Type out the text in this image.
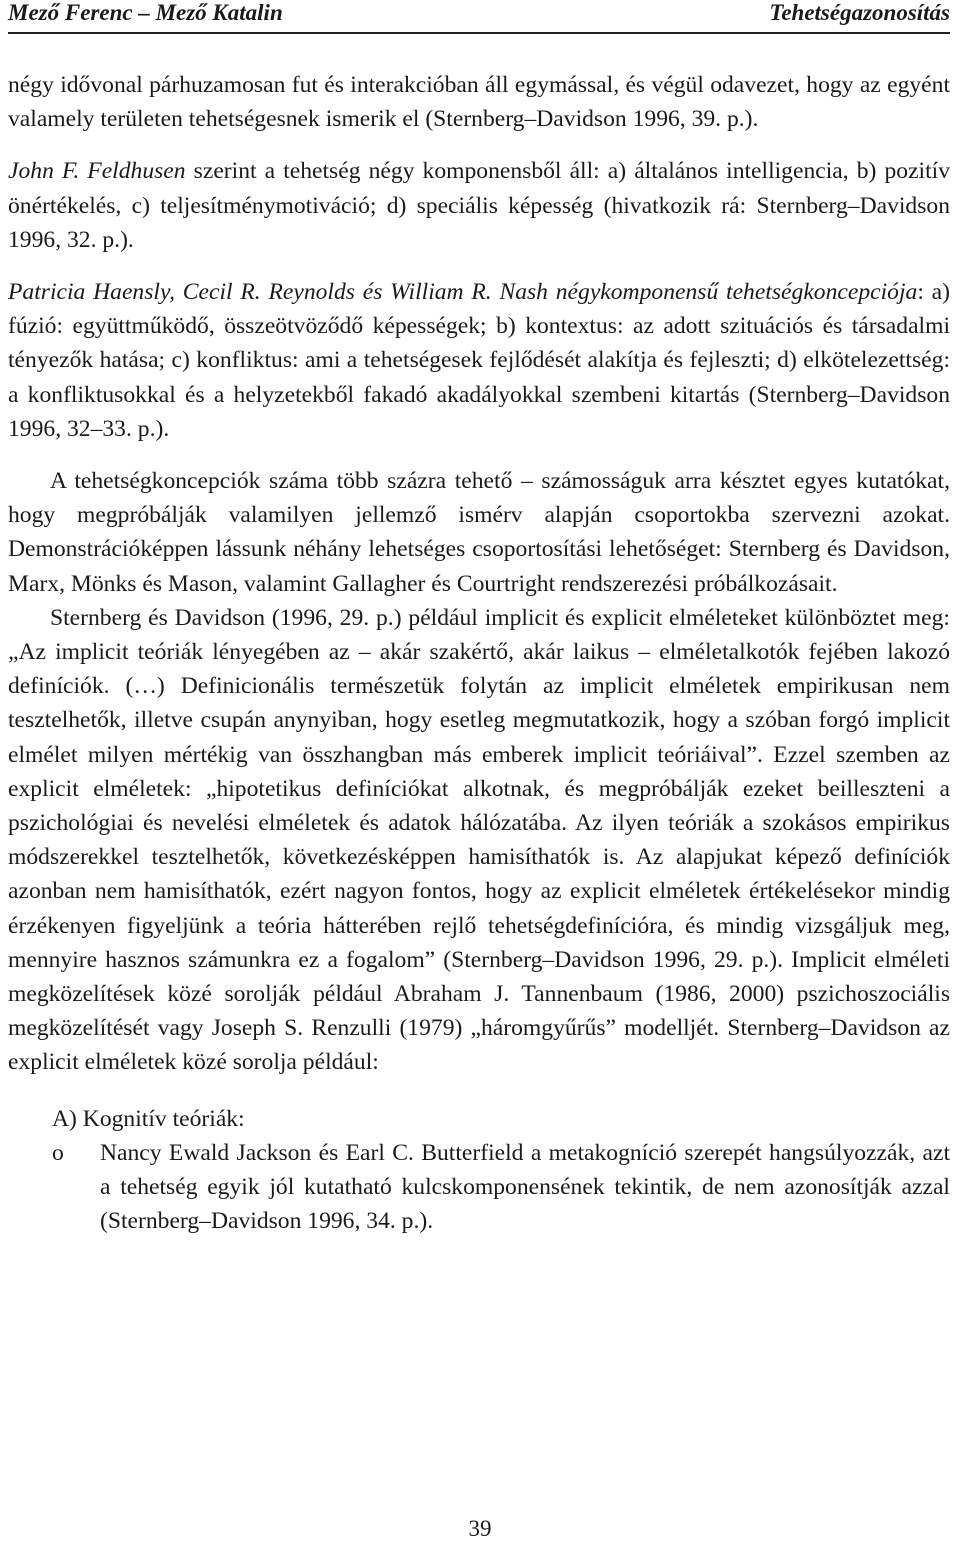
Mező Ferenc – Mező Katalin	Tehetségazonosítás

négy idővonal párhuzamosan fut és interakcióban áll egymással, és végül odavezet, hogy az egyént valamely területen tehetségesnek ismerik el (Sternberg–Davidson 1996, 39. p.).

John F. Feldhusen szerint a tehetség négy komponensből áll: a) általános intelligencia, b) pozitív önértékelés, c) teljesítménymotiváció; d) speciális képesség (hivatkozik rá: Sternberg–Davidson 1996, 32. p.).

Patricia Haensly, Cecil R. Reynolds és William R. Nash négykomponensű tehetségkoncepciója: a) fúzió: együttműködő, összeötvöződő képességek; b) kontextus: az adott szituációs és társadalmi tényezők hatása; c) konfliktus: ami a tehetségesek fejlődését alakítja és fejleszti; d) elkötelezettség: a konfliktusokkal és a helyzetekből fakadó akadályokkal szembeni kitartás (Sternberg–Davidson 1996, 32–33. p.).

A tehetségkoncepciók száma több százra tehető – számosságuk arra késztet egyes kutatókat, hogy megpróbálják valamilyen jellemző ismérv alapján csoportokba szervezni azokat. Demonstrációképpen lássunk néhány lehetséges csoportosítási lehetőséget: Sternberg és Davidson, Marx, Mönks és Mason, valamint Gallagher és Courtright rendszerezési próbálkozásait.

Sternberg és Davidson (1996, 29. p.) például implicit és explicit elméleteket különböztet meg: „Az implicit teóriák lényegében az – akár szakértő, akár laikus – elméletalkotók fejében lakozó definíciók. (…) Definicionális természetük folytán az implicit elméletek empirikusan nem tesztelhetők, illetve csupán anynyiban, hogy esetleg megmutatkozik, hogy a szóban forgó implicit elmélet milyen mértékig van összhangban más emberek implicit teóriáival”. Ezzel szemben az explicit elméletek: „hipotetikus definíciókat alkotnak, és megpróbálják ezeket beilleszteni a pszichológiai és nevelési elméletek és adatok hálózatába. Az ilyen teóriák a szokásos empirikus módszerekkel tesztelhetők, következésképpen hamisíthatók is. Az alapjukat képező definíciók azonban nem hamisíthatók, ezért nagyon fontos, hogy az explicit elméletek értékelésekor mindig érzékenyen figyeljünk a teória hátterében rejlő tehetségdefinícióra, és mindig vizsgáljuk meg, mennyire hasznos számunkra ez a fogalom” (Sternberg–Davidson 1996, 29. p.). Implicit elméleti megközelítések közé sorolják például Abraham J. Tannenbaum (1986, 2000) pszichoszociális megközelítését vagy Joseph S. Renzulli (1979) „háromgyűrűs” modelljét. Sternberg–Davidson az explicit elméletek közé sorolja például:

A) Kognitív teóriák:

o Nancy Ewald Jackson és Earl C. Butterfield a metakogníció szerepét hangsúlyozzák, azt a tehetség egyik jól kutatható kulcskomponensének tekintik, de nem azonosítják azzal (Sternberg–Davidson 1996, 34. p.).

39
